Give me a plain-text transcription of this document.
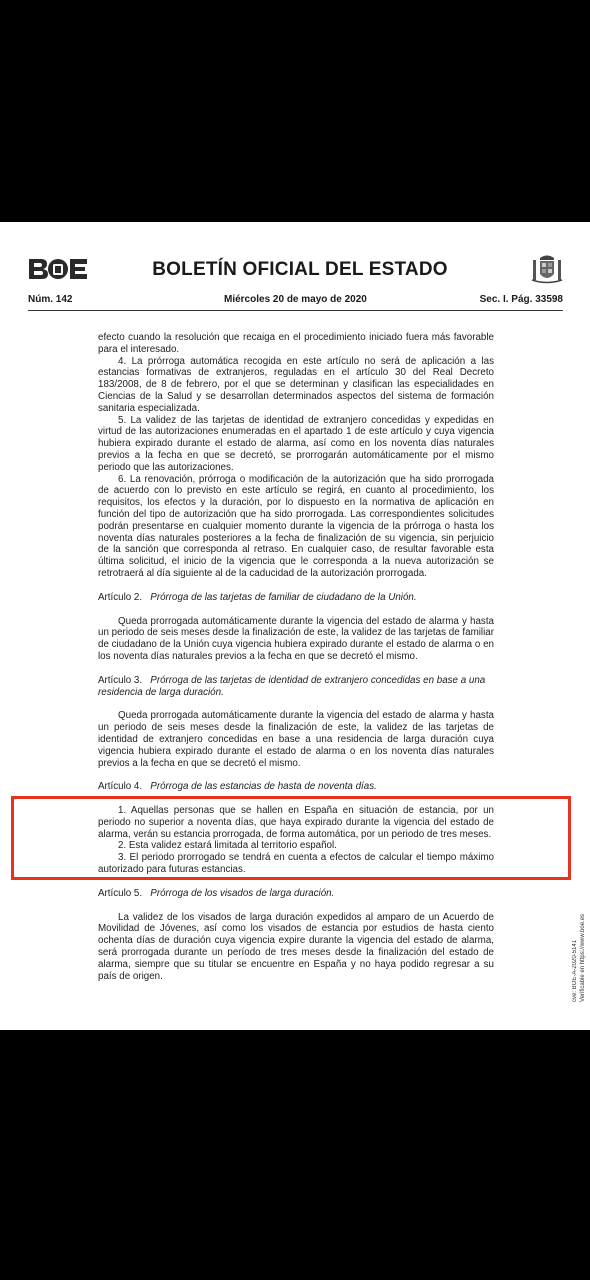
BOLETÍN OFICIAL DEL ESTADO
Núm. 142	Miércoles 20 de mayo de 2020	Sec. I. Pág. 33598

efecto cuando la resolución que recaiga en el procedimiento iniciado fuera más favorable para el interesado.

4. La prórroga automática recogida en este artículo no será de aplicación a las estancias formativas de extranjeros, reguladas en el artículo 30 del Real Decreto 183/2008, de 8 de febrero, por el que se determinan y clasifican las especialidades en Ciencias de la Salud y se desarrollan determinados aspectos del sistema de formación sanitaria especializada.

5. La validez de las tarjetas de identidad de extranjero concedidas y expedidas en virtud de las autorizaciones enumeradas en el apartado 1 de este artículo y cuya vigencia hubiera expirado durante el estado de alarma, así como en los noventa días naturales previos a la fecha en que se decretó, se prorrogarán automáticamente por el mismo periodo que las autorizaciones.

6. La renovación, prórroga o modificación de la autorización que ha sido prorrogada de acuerdo con lo previsto en este artículo se regirá, en cuanto al procedimiento, los requisitos, los efectos y la duración, por lo dispuesto en la normativa de aplicación en función del tipo de autorización que ha sido prorrogada. Las correspondientes solicitudes podrán presentarse en cualquier momento durante la vigencia de la prórroga o hasta los noventa días naturales posteriores a la fecha de finalización de su vigencia, sin perjuicio de la sanción que corresponda al retraso. En cualquier caso, de resultar favorable esta última solicitud, el inicio de la vigencia que le corresponda a la nueva autorización se retrotraerá al día siguiente al de la caducidad de la autorización prorrogada.

Artículo 2. Prórroga de las tarjetas de familiar de ciudadano de la Unión.

Queda prorrogada automáticamente durante la vigencia del estado de alarma y hasta un periodo de seis meses desde la finalización de este, la validez de las tarjetas de familiar de ciudadano de la Unión cuya vigencia hubiera expirado durante el estado de alarma o en los noventa días naturales previos a la fecha en que se decretó el mismo.

Artículo 3. Prórroga de las tarjetas de identidad de extranjero concedidas en base a una residencia de larga duración.

Queda prorrogada automáticamente durante la vigencia del estado de alarma y hasta un periodo de seis meses desde la finalización de este, la validez de las tarjetas de identidad de extranjero concedidas en base a una residencia de larga duración cuya vigencia hubiera expirado durante el estado de alarma o en los noventa días naturales previos a la fecha en que se decretó el mismo.

Artículo 4. Prórroga de las estancias de hasta de noventa días.

1. Aquellas personas que se hallen en España en situación de estancia, por un periodo no superior a noventa días, que haya expirado durante la vigencia del estado de alarma, verán su estancia prorrogada, de forma automática, por un periodo de tres meses.

2. Esta validez estará limitada al territorio español.

3. El periodo prorrogado se tendrá en cuenta a efectos de calcular el tiempo máximo autorizado para futuras estancias.

Artículo 5. Prórroga de los visados de larga duración.

La validez de los visados de larga duración expedidos al amparo de un Acuerdo de Movilidad de Jóvenes, así como los visados de estancia por estudios de hasta ciento ochenta días de duración cuya vigencia expire durante la vigencia del estado de alarma, será prorrogada durante un período de tres meses desde la finalización del estado de alarma, siempre que su titular se encuentre en España y no haya podido regresar a su país de origen.	cve: BOE-A-2020-5141 Verificable en https://www.boe.es
